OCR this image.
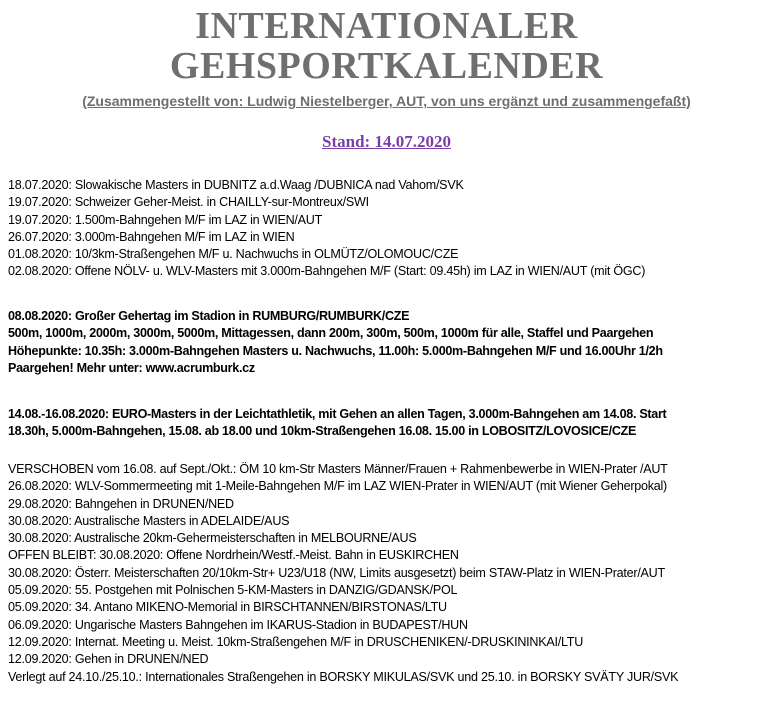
INTERNATIONALER
GEHSPORTKALENDER
(Zusammengestellt von: Ludwig Niestelberger, AUT, von uns ergänzt und zusammengefaßt)
Stand: 14.07.2020
18.07.2020: Slowakische Masters in DUBNITZ a.d.Waag /DUBNICA nad Vahom/SVK
19.07.2020: Schweizer Geher-Meist. in CHAILLY-sur-Montreux/SWI
19.07.2020: 1.500m-Bahngehen M/F im LAZ in WIEN/AUT
26.07.2020: 3.000m-Bahngehen M/F im LAZ in WIEN
01.08.2020: 10/3km-Straßengehen M/F u. Nachwuchs in OLMÜTZ/OLOMOUC/CZE
02.08.2020: Offene NÖLV- u. WLV-Masters mit 3.000m-Bahngehen M/F (Start: 09.45h) im LAZ in WIEN/AUT (mit ÖGC)
08.08.2020: Großer Gehertag im Stadion in RUMBURG/RUMBURK/CZE
500m, 1000m, 2000m, 3000m, 5000m, Mittagessen, dann 200m, 300m, 500m, 1000m für alle, Staffel und Paargehen
Höhepunkte: 10.35h: 3.000m-Bahngehen Masters u. Nachwuchs, 11.00h: 5.000m-Bahngehen M/F und 16.00Uhr 1/2h
Paargehen! Mehr unter: www.acrumburk.cz
14.08.-16.08.2020: EURO-Masters in der Leichtathletik, mit Gehen an allen Tagen, 3.000m-Bahngehen am 14.08. Start
18.30h, 5.000m-Bahngehen, 15.08. ab 18.00 und 10km-Straßengehen 16.08. 15.00 in LOBOSITZ/LOVOSICE/CZE
VERSCHOBEN vom 16.08. auf Sept./Okt.: ÖM 10 km-Str Masters Männer/Frauen + Rahmenbewerbe in WIEN-Prater /AUT
26.08.2020: WLV-Sommermeeting mit 1-Meile-Bahngehen M/F im LAZ WIEN-Prater in WIEN/AUT (mit Wiener Geherpokal)
29.08.2020: Bahngehen in DRUNEN/NED
30.08.2020: Australische Masters in ADELAIDE/AUS
30.08.2020: Australische 20km-Gehermeisterschaften in MELBOURNE/AUS
OFFEN BLEIBT: 30.08.2020: Offene Nordrhein/Westf.-Meist. Bahn in EUSKIRCHEN
30.08.2020: Österr. Meisterschaften 20/10km-Str+ U23/U18 (NW, Limits ausgesetzt) beim STAW-Platz in WIEN-Prater/AUT
05.09.2020: 55. Postgehen mit Polnischen 5-KM-Masters in DANZIG/GDANSK/POL
05.09.2020: 34. Antano MIKENO-Memorial in BIRSCHTANNEN/BIRSTONAS/LTU
06.09.2020: Ungarische Masters Bahngehen im IKARUS-Stadion in BUDAPEST/HUN
12.09.2020: Internat. Meeting u. Meist. 10km-Straßengehen M/F in DRUSCHENIKEN/-DRUSKININKAI/LTU
12.09.2020: Gehen in DRUNEN/NED
Verlegt auf 24.10./25.10.: Internationales Straßengehen in BORSKY MIKULAS/SVK und 25.10. in BORSKY SVÄTY JUR/SVK
